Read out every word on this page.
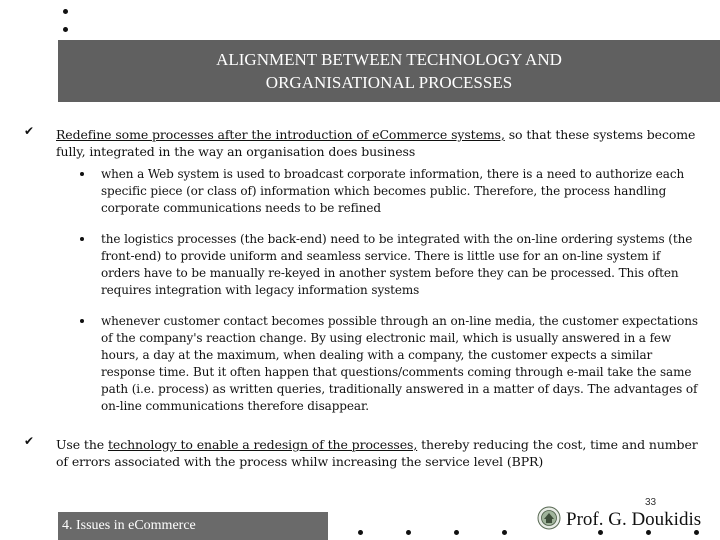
ALIGNMENT BETWEEN TECHNOLOGY AND
ORGANISATIONAL PROCESSES
✔ Redefine some processes after the introduction of eCommerce systems, so that these systems become fully, integrated in the way an organisation does business
when a Web system is used to broadcast corporate information, there is a need to authorize each specific piece (or class of) information which becomes public. Therefore, the process handling corporate communications needs to be refined
the logistics processes (the back-end) need to be integrated with the on-line ordering systems (the front-end) to provide uniform and seamless service. There is little use for an on-line system if orders have to be manually re-keyed in another system before they can be processed. This often requires integration with legacy information systems
whenever customer contact becomes possible through an on-line media, the customer expectations of the company's reaction change. By using electronic mail, which is usually answered in a few hours, a day at the maximum, when dealing with a company, the customer expects a similar response time. But it often happen that questions/comments coming through e-mail take the same path (i.e. process) as written queries, traditionally answered in a matter of days. The advantages of on-line communications therefore disappear.
✔ Use the technology to enable a redesign of the processes, thereby reducing the cost, time and number of errors associated with the process whilw increasing the service level (BPR)
4. Issues in eCommerce
33
Prof. G. Doukidis
